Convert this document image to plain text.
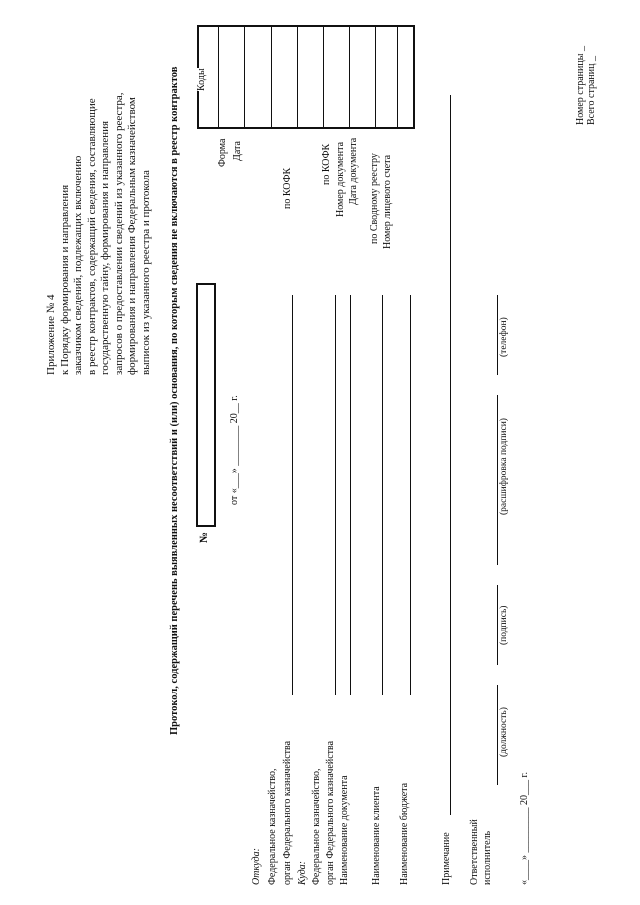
Приложение № 4 к Порядку формирования и направления заказчиком сведений, подлежащих включению в реестр контрактов, содержащий сведения, составляющие государственную тайну, формирования и направления запросов о предоставлении сведений из указанного реестра, формирования и направления Федеральным казначейством выписок из указанного реестра и протокола Протокол, содержащий перечень выявленных несоответствий и (или) основания, по которым сведения не включаются в реестр контрактов №
от «___» ________ 20__ г.
Коды
Форма Дата
по КОФК
по КОФК Номер документа Дата документа по Сводному реестру Номер лицевого счета
Откуда: Федеральное казначейство, орган Федерального казначейства Куда: Федеральное казначейство, орган Федерального казначейства Наименование документа Наименование клиента Наименование бюджета	Примечание Ответственный исполнитель
(должность)
(подпись)
(расшифровка подписи)
(телефон)
«____» _________ 20___ г.
Номер страницы _ Всего страниц _
